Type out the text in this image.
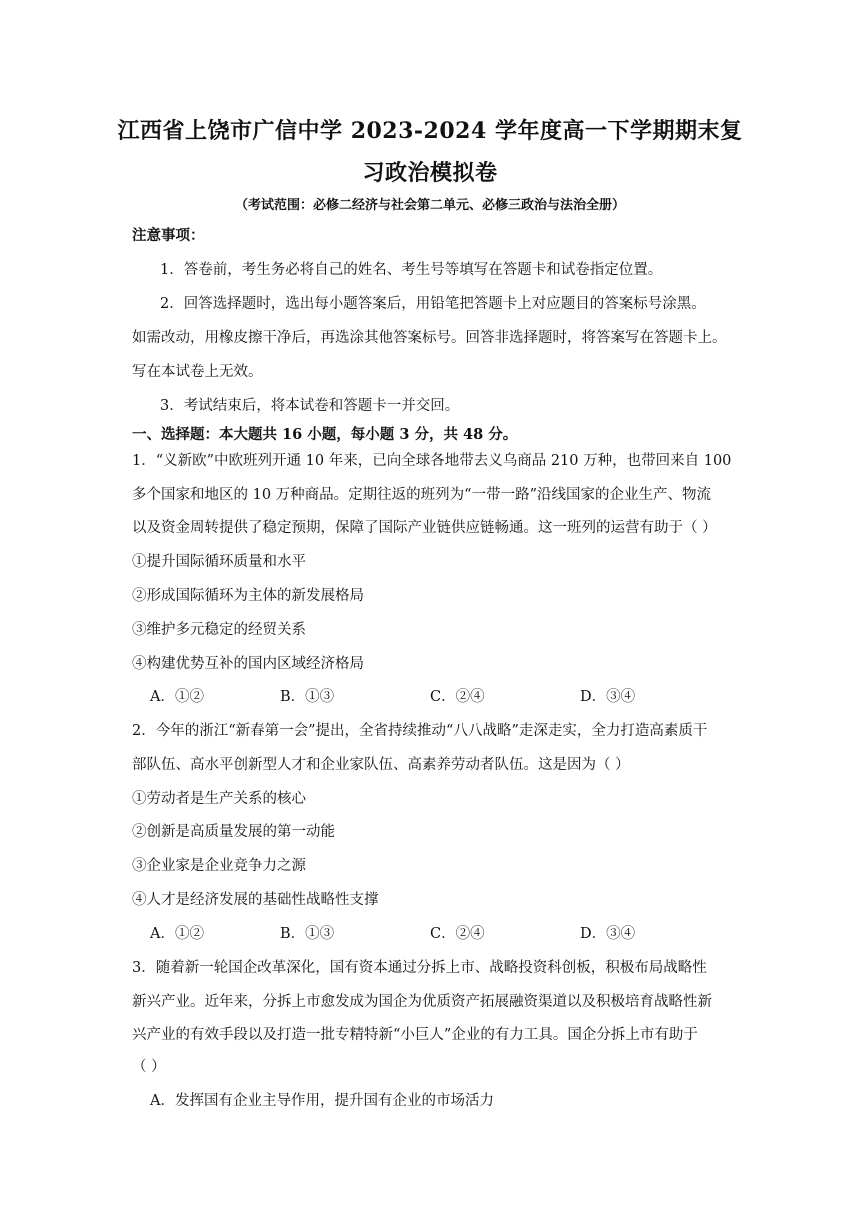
江西省上饶市广信中学 2023-2024 学年度高一下学期期末复
习政治模拟卷
（考试范围：必修二经济与社会第二单元、必修三政治与法治全册）
注意事项：
1．答卷前，考生务必将自己的姓名、考生号等填写在答题卡和试卷指定位置。
2．回答选择题时，选出每小题答案后，用铅笔把答题卡上对应题目的答案标号涂黑。
如需改动，用橡皮擦干净后，再选涂其他答案标号。回答非选择题时，将答案写在答题卡上。
写在本试卷上无效。
3．考试结束后，将本试卷和答题卡一并交回。
一、选择题：本大题共 16 小题，每小题 3 分，共 48 分。
1．“义新欧”中欧班列开通 10 年来，已向全球各地带去义乌商品 210 万种，也带回来自 100
多个国家和地区的 10 万种商品。定期往返的班列为“一带一路”沿线国家的企业生产、物流
以及资金周转提供了稳定预期，保障了国际产业链供应链畅通。这一班列的运营有助于（ ）
①提升国际循环质量和水平
②形成国际循环为主体的新发展格局
③维护多元稳定的经贸关系
④构建优势互补的国内区域经济格局
A．①②	B．①③	C．②④	D．③④
2．今年的浙江“新春第一会”提出，全省持续推动“八八战略”走深走实，全力打造高素质干
部队伍、高水平创新型人才和企业家队伍、高素养劳动者队伍。这是因为（ ）
①劳动者是生产关系的核心
②创新是高质量发展的第一动能
③企业家是企业竞争力之源
④人才是经济发展的基础性战略性支撑
A．①②	B．①③	C．②④	D．③④
3．随着新一轮国企改革深化，国有资本通过分拆上市、战略投资科创板，积极布局战略性
新兴产业。近年来，分拆上市愈发成为国企为优质资产拓展融资渠道以及积极培育战略性新
兴产业的有效手段以及打造一批专精特新“小巨人”企业的有力工具。国企分拆上市有助于
（ ）
A．发挥国有企业主导作用，提升国有企业的市场活力
